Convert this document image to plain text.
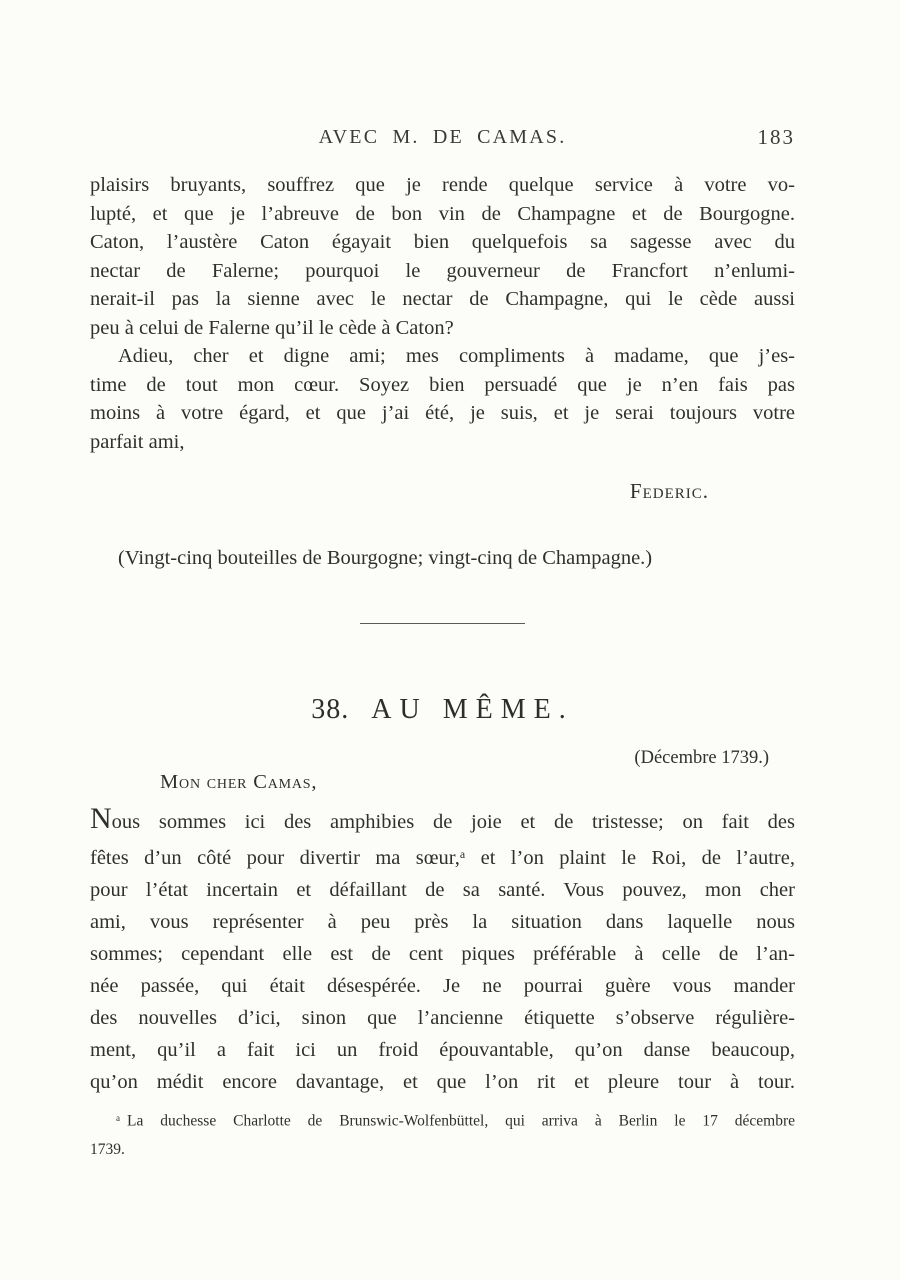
AVEC M. DE CAMAS.	183
plaisirs bruyants, souffrez que je rende quelque service à votre vo-
lupté, et que je l’abreuve de bon vin de Champagne et de Bourgogne.
Caton, l’austère Caton égayait bien quelquefois sa sagesse avec du
nectar de Falerne; pourquoi le gouverneur de Francfort n’enlumi-
nerait-il pas la sienne avec le nectar de Champagne, qui le cède aussi
peu à celui de Falerne qu’il le cède à Caton?
Adieu, cher et digne ami; mes compliments à madame, que j’es-
time de tout mon cœur. Soyez bien persuadé que je n’en fais pas
moins à votre égard, et que j’ai été, je suis, et je serai toujours votre
parfait ami,
Federic.
(Vingt-cinq bouteilles de Bourgogne; vingt-cinq de Champagne.)
38. AU MÊME.
(Décembre 1739.)
Mon cher Camas,
Nous sommes ici des amphibies de joie et de tristesse; on fait des
fêtes d’un côté pour divertir ma sœur,$^a$ et l’on plaint le Roi, de l’autre,
pour l’état incertain et défaillant de sa santé. Vous pouvez, mon cher
ami, vous représenter à peu près la situation dans laquelle nous
sommes; cependant elle est de cent piques préférable à celle de l’an-
née passée, qui était désespérée. Je ne pourrai guère vous mander
des nouvelles d’ici, sinon que l’ancienne étiquette s’observe régulière-
ment, qu’il a fait ici un froid épouvantable, qu’on danse beaucoup,
qu’on médit encore davantage, et que l’on rit et pleure tour à tour.
$^a$ La duchesse Charlotte de Brunswic-Wolfenbüttel, qui arriva à Berlin le 17 décembre
1739.
